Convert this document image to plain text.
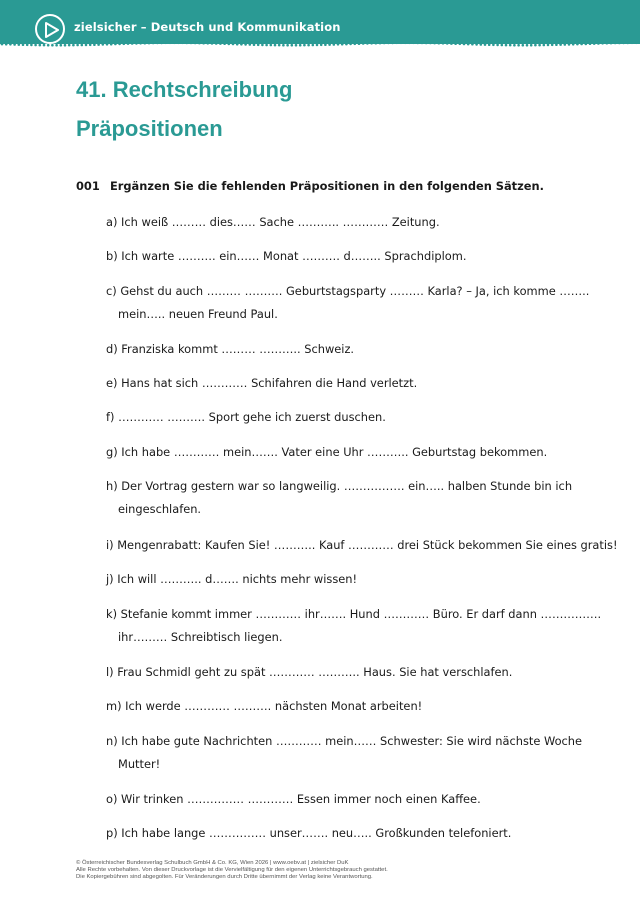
zielsicher – Deutsch und Kommunikation
41. Rechtschreibung
Präpositionen
001 Ergänzen Sie die fehlenden Präpositionen in den folgenden Sätzen.
a) Ich weiß ……… dies…… Sache ……….. ………… Zeitung.
b) Ich warte ………. ein…… Monat ………. d…….. Sprachdiplom.
c) Gehst du auch ……… ………. Geburtstagsparty ……… Karla? – Ja, ich komme ……..
mein….. neuen Freund Paul.
d) Franziska kommt ……… ……….. Schweiz.
e) Hans hat sich ………… Schifahren die Hand verletzt.
f) ………… ………. Sport gehe ich zuerst duschen.
g) Ich habe ………… mein……. Vater eine Uhr ……….. Geburtstag bekommen.
h) Der Vortrag gestern war so langweilig. ……………. ein….. halben Stunde bin ich
eingeschlafen.
i) Mengenrabatt: Kaufen Sie! ……….. Kauf ………… drei Stück bekommen Sie eines gratis!
j) Ich will ……….. d……. nichts mehr wissen!
k) Stefanie kommt immer ………… ihr……. Hund ………… Büro. Er darf dann …………….
ihr……… Schreibtisch liegen.
l) Frau Schmidl geht zu spät ………… ……….. Haus. Sie hat verschlafen.
m) Ich werde ………… ………. nächsten Monat arbeiten!
n) Ich habe gute Nachrichten ………… mein…… Schwester: Sie wird nächste Woche
Mutter!
o) Wir trinken …………… ………… Essen immer noch einen Kaffee.
p) Ich habe lange …………… unser……. neu….. Großkunden telefoniert.
© Österreichischer Bundesverlag Schulbuch GmbH & Co. KG, Wien 2026 | www.oebv.at | zielsicher DuK
Alle Rechte vorbehalten. Von dieser Druckvorlage ist die Vervielfältigung für den eigenen Unterrichtsgebrauch gestattet.
Die Kopiergebühren sind abgegolten. Für Veränderungen durch Dritte übernimmt der Verlag keine Verantwortung.
